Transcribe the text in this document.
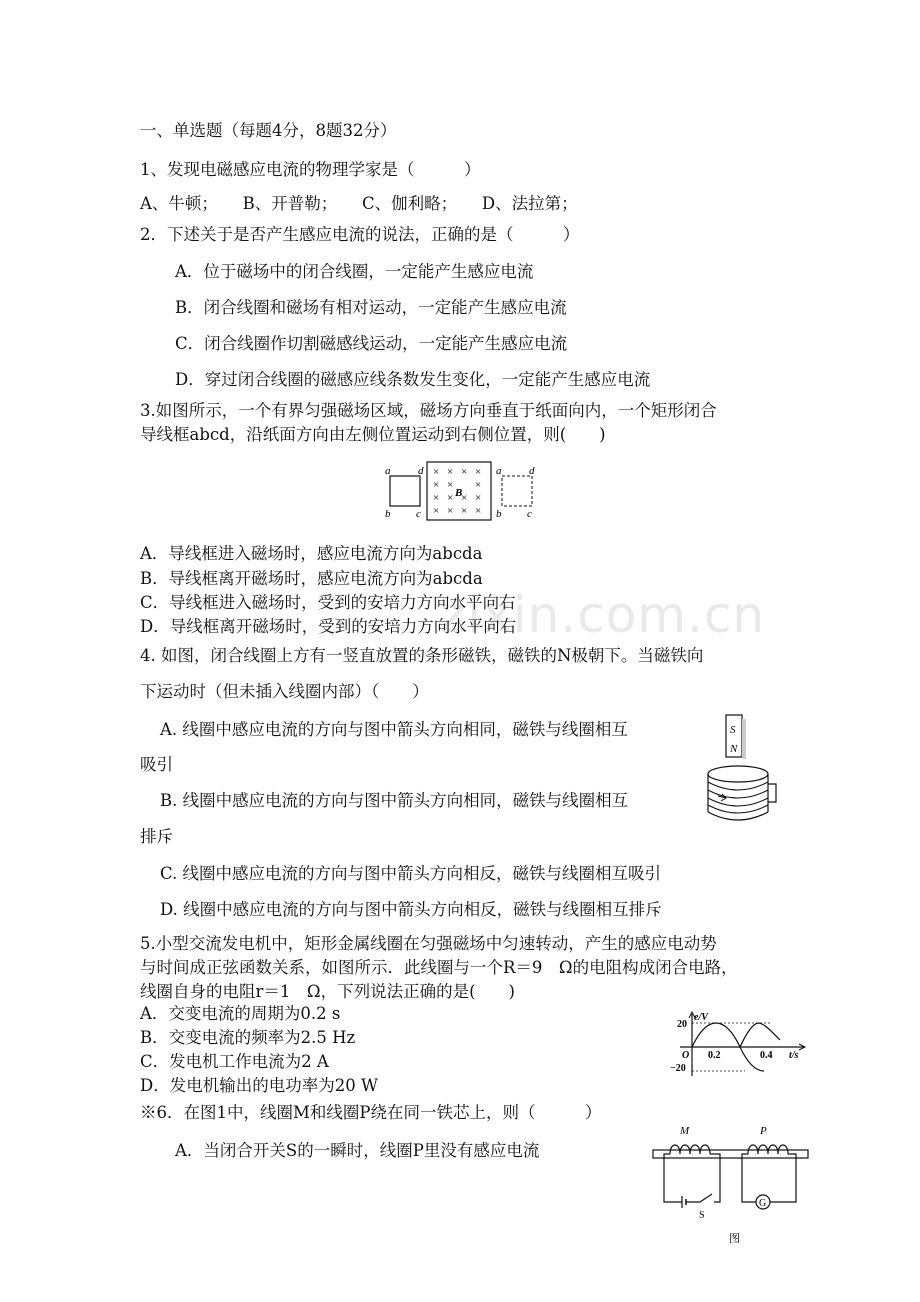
zixin.com.cn
一、单选题（每题4分，8题32分）
1、发现电磁感应电流的物理学家是（　　　）
A、牛顿；　　B、开普勒；　　C、伽利略；　　D、法拉第；
2．下述关于是否产生感应电流的说法，正确的是（　　　）
A．位于磁场中的闭合线圈，一定能产生感应电流
B．闭合线圈和磁场有相对运动，一定能产生感应电流
C．闭合线圈作切割磁感线运动，一定能产生感应电流
D．穿过闭合线圈的磁感应线条数发生变化，一定能产生感应电流
3.如图所示，一个有界匀强磁场区域，磁场方向垂直于纸面向内，一个矩形闭合
导线框abcd，沿纸面方向由左侧位置运动到右侧位置，则(　　)
a	d
b c
× × × ×
× × ×
× × × ×
× × × ×
B
a	d
b c
A．导线框进入磁场时，感应电流方向为abcda
B．导线框离开磁场时，感应电流方向为abcda
C．导线框进入磁场时，受到的安培力方向水平向右
D．导线框离开磁场时，受到的安培力方向水平向右
4. 如图，闭合线圈上方有一竖直放置的条形磁铁，磁铁的N极朝下。当磁铁向
下运动时（但未插入线圈内部）（　　）
A. 线圈中感应电流的方向与图中箭头方向相同，磁铁与线圈相互
吸引
B. 线圈中感应电流的方向与图中箭头方向相同，磁铁与线圈相互
排斥
C. 线圈中感应电流的方向与图中箭头方向相反，磁铁与线圈相互吸引
D. 线圈中感应电流的方向与图中箭头方向相反，磁铁与线圈相互排斥
S
N
5.小型交流发电机中，矩形金属线圈在匀强磁场中匀速转动，产生的感应电动势
与时间成正弦函数关系，如图所示．此线圈与一个R＝9　Ω的电阻构成闭合电路，
线圈自身的电阻r＝1　Ω，下列说法正确的是(　　)
A．交变电流的周期为0.2 s
B．交变电流的频率为2.5 Hz
C．发电机工作电流为2 A
D．发电机输出的电功率为20 W
e/V
t/s
20
−20
O 0.2	0.4
※6．在图1中，线圈M和线圈P绕在同一铁芯上，则（　　　）
A．当闭合开关S的一瞬时，线圈P里没有感应电流
M	P
S
G
图
